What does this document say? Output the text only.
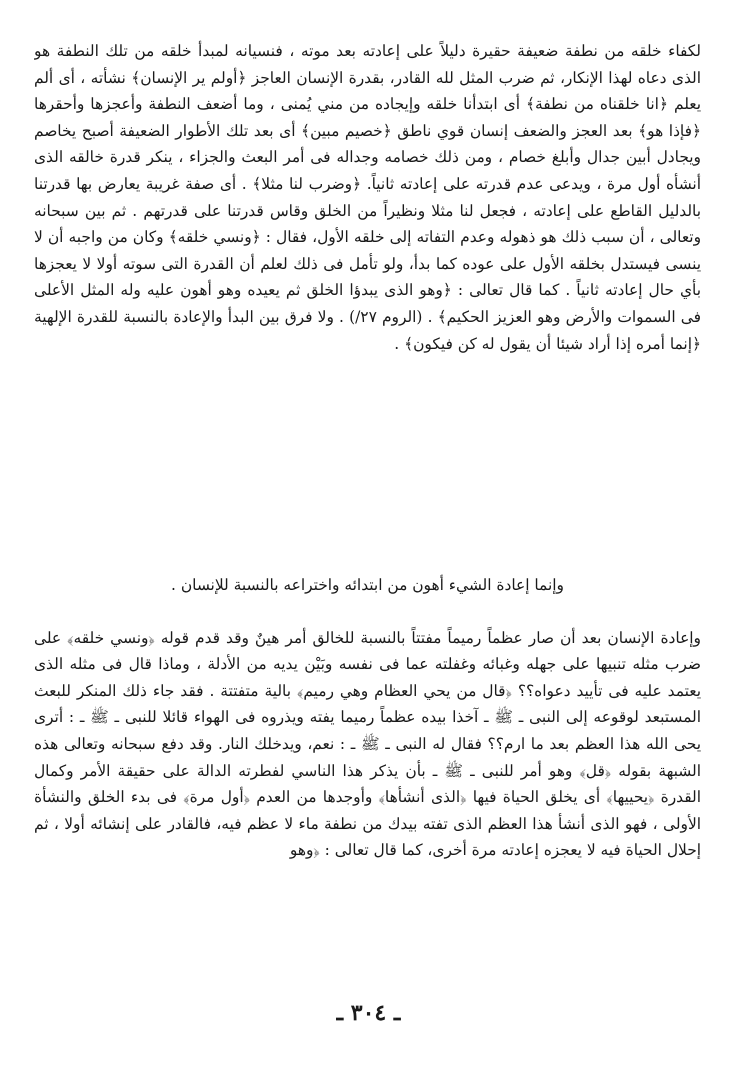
لكفاء خلقه من نطفة ضعيفة حقيرة دليلاً على إعادته بعد موته ، فنسيانه لمبدأ خلقه من تلك النطفة هو الذى دعاه لهذا الإنكار، ثم ضرب المثل لله القادر، بقدرة الإنسان العاجز ﴿أولم ير الإنسان﴾ نشأته ، أى ألم يعلم ﴿انا خلقناه من نطفة﴾ أى ابتدأنا خلقه وإيجاده من مني يُمنى ، وما أضعف النطفة وأعجزها وأحقرها ﴿فإذا هو﴾ بعد العجز والضعف إنسان قوي ناطق ﴿خصيم مبين﴾ أى بعد تلك الأطوار الضعيفة أصبح يخاصم ويجادل أبين جدال وأبلغ خصام ، ومن ذلك خصامه وجداله فى أمر البعث والجزاء ، ينكر قدرة خالقه الذى أنشأه أول مرة ، ويدعى عدم قدرته على إعادته ثانياً. ﴿وضرب لنا مثلا﴾ . أى صفة غريبة يعارض بها قدرتنا بالدليل القاطع على إعادته ، فجعل لنا مثلا ونظيراً من الخلق وقاس قدرتنا على قدرتهم . ثم بين سبحانه وتعالى ، أن سبب ذلك هو ذهوله وعدم التفاته إلى خلقه الأول، فقال : ﴿ونسي خلقه﴾ وكان من واجبه أن لا ينسى فيستدل بخلقه الأول على عوده كما بدأ، ولو تأمل فى ذلك لعلم أن القدرة التى سوته أولا لا يعجزها بأي حال إعادته ثانياً . كما قال تعالى : ﴿وهو الذى يبدؤا الخلق ثم يعيده وهو أهون عليه وله المثل الأعلى فى السموات والأرض وهو العزيز الحكيم﴾ . (الروم ٢٧/) . ولا فرق بين البدأ والإعادة بالنسبة للقدرة الإلهية ﴿إنما أمره إذا أراد شيئا أن يقول له كن فيكون﴾ .

وإنما إعادة الشيء أهون من ابتدائه واختراعه بالنسبة للإنسان .

وإعادة الإنسان بعد أن صار عظماً رميماً مفتتاً بالنسبة للخالق أمر هينٌ وقد قدم قوله ﴿ونسي خلقه﴾ على ضرب مثله تنبيها على جهله وغبائه وغفلته عما فى نفسه وبَيْن يديه من الأدلة ، وماذا قال فى مثله الذى يعتمد عليه فى تأييد دعواه؟؟ ﴿قال من يحي العظام وهي رميم﴾ بالية متفتتة . فقد جاء ذلك المنكر للبعث المستبعد لوقوعه إلى النبى ـ ﷺ ـ آخذا بيده عظماً رميما يفته ويذروه فى الهواء قائلا للنبى ـ ﷺ ـ : أترى يحى الله هذا العظم بعد ما ارم؟؟ فقال له النبى ـ ﷺ ـ : نعم، ويدخلك النار. وقد دفع سبحانه وتعالى هذه الشبهة بقوله ﴿قل﴾ وهو أمر للنبى ـ ﷺ ـ بأن يذكر هذا الناسي لفطرته الدالة على حقيقة الأمر وكمال القدرة ﴿يحييها﴾ أى يخلق الحياة فيها ﴿الذى أنشأها﴾ وأوجدها من العدم ﴿أول مرة﴾ فى بدء الخلق والنشأة الأولى ، فهو الذى أنشأ هذا العظم الذى تفته بيدك من نطفة ماء لا عظم فيه، فالقادر على إنشائه أولا ، ثم إحلال الحياة فيه لا يعجزه إعادته مرة أخرى، كما قال تعالى : ﴿وهو

ـ ٣٠٤ ـ
